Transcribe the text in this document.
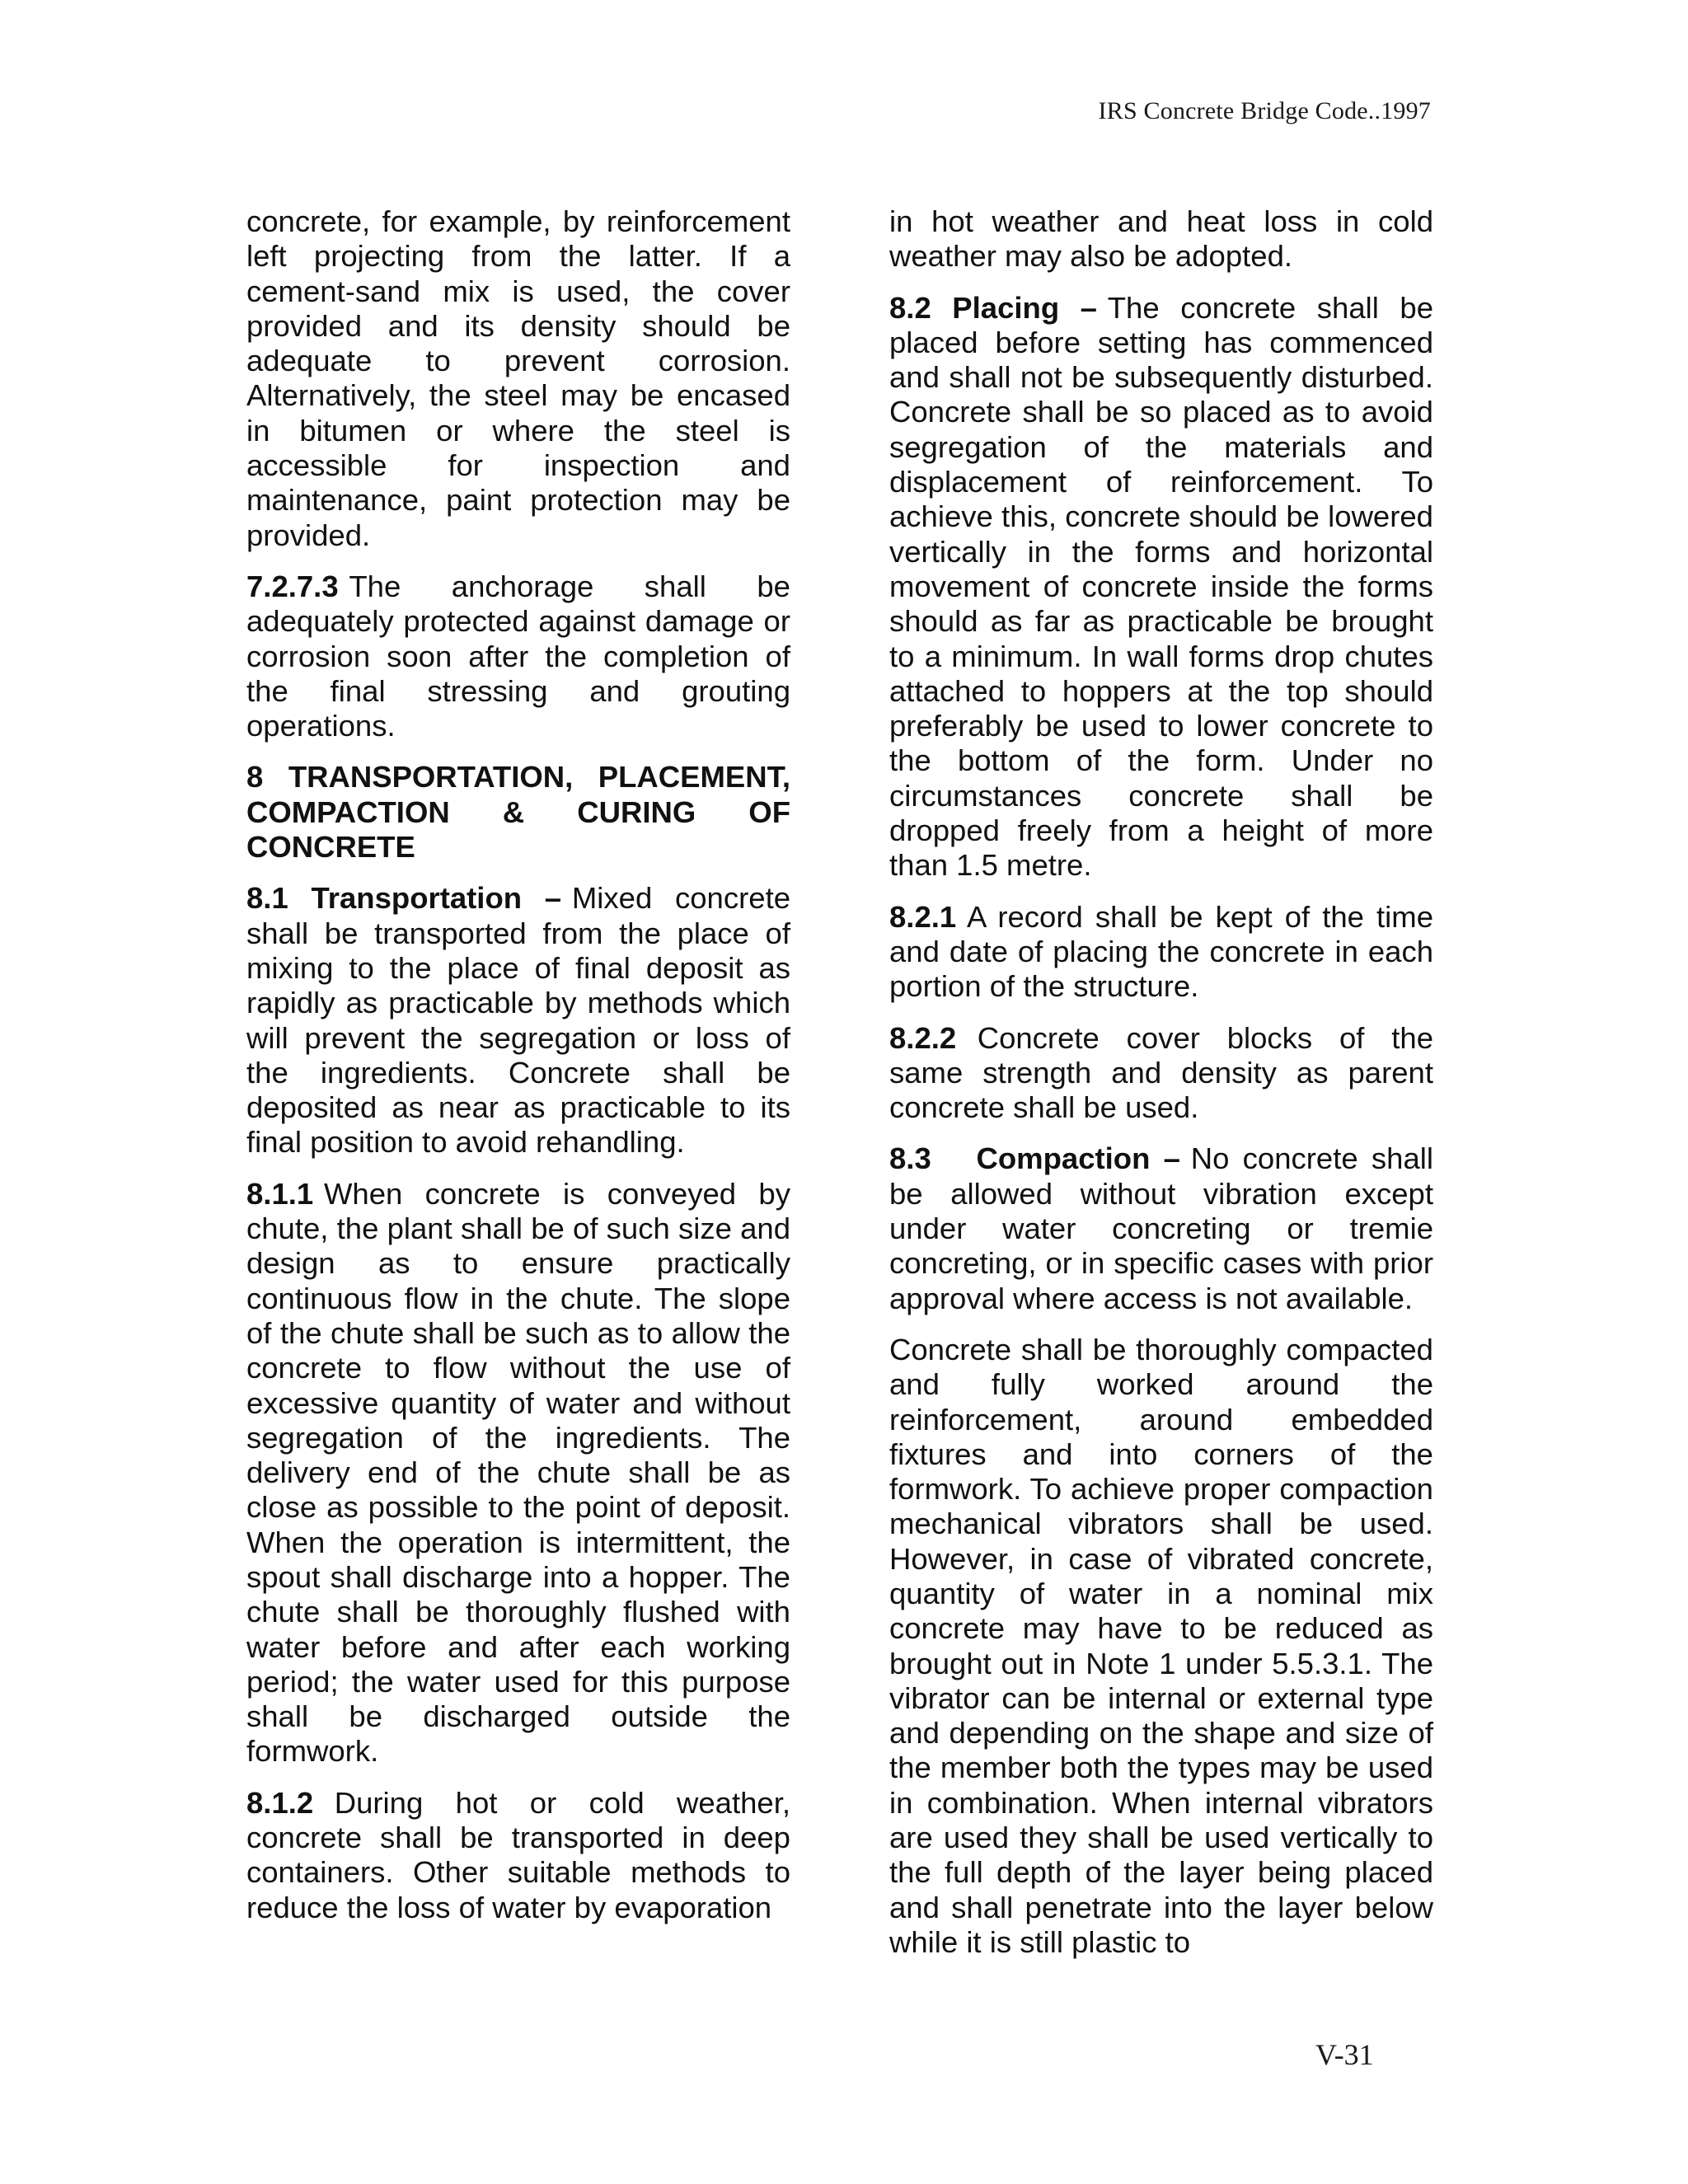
IRS Concrete Bridge Code..1997

concrete, for example, by reinforcement left projecting from the latter. If a cement-sand mix is used, the cover provided and its density should be adequate to prevent corrosion. Alternatively, the steel may be encased in bitumen or where the steel is accessible for inspection and maintenance, paint protection may be provided.

7.2.7.3 The anchorage shall be adequately protected against damage or corrosion soon after the completion of the final stressing and grouting operations.

8 TRANSPORTATION, PLACEMENT, COMPACTION & CURING OF CONCRETE

8.1 Transportation – Mixed concrete shall be transported from the place of mixing to the place of final deposit as rapidly as practicable by methods which will prevent the segregation or loss of the ingredients. Concrete shall be deposited as near as practicable to its final position to avoid rehandling.

8.1.1 When concrete is conveyed by chute, the plant shall be of such size and design as to ensure practically continuous flow in the chute. The slope of the chute shall be such as to allow the concrete to flow without the use of excessive quantity of water and without segregation of the ingredients. The delivery end of the chute shall be as close as possible to the point of deposit. When the operation is intermittent, the spout shall discharge into a hopper. The chute shall be thoroughly flushed with water before and after each working period; the water used for this purpose shall be discharged outside the formwork.

8.1.2 During hot or cold weather, concrete shall be transported in deep containers. Other suitable methods to reduce the loss of water by evaporation

in hot weather and heat loss in cold weather may also be adopted.

8.2 Placing – The concrete shall be placed before setting has commenced and shall not be subsequently disturbed. Concrete shall be so placed as to avoid segregation of the materials and displacement of reinforcement. To achieve this, concrete should be lowered vertically in the forms and horizontal movement of concrete inside the forms should as far as practicable be brought to a minimum. In wall forms drop chutes attached to hoppers at the top should preferably be used to lower concrete to the bottom of the form. Under no circumstances concrete shall be dropped freely from a height of more than 1.5 metre.

8.2.1 A record shall be kept of the time and date of placing the concrete in each portion of the structure.

8.2.2 Concrete cover blocks of the same strength and density as parent concrete shall be used.

8.3 Compaction – No concrete shall be allowed without vibration except under water concreting or tremie concreting, or in specific cases with prior approval where access is not available.

Concrete shall be thoroughly compacted and fully worked around the reinforcement, around embedded fixtures and into corners of the formwork. To achieve proper compaction mechanical vibrators shall be used. However, in case of vibrated concrete, quantity of water in a nominal mix concrete may have to be reduced as brought out in Note 1 under 5.5.3.1. The vibrator can be internal or external type and depending on the shape and size of the member both the types may be used in combination. When internal vibrators are used they shall be used vertically to the full depth of the layer being placed and shall penetrate into the layer below while it is still plastic to

V-31
